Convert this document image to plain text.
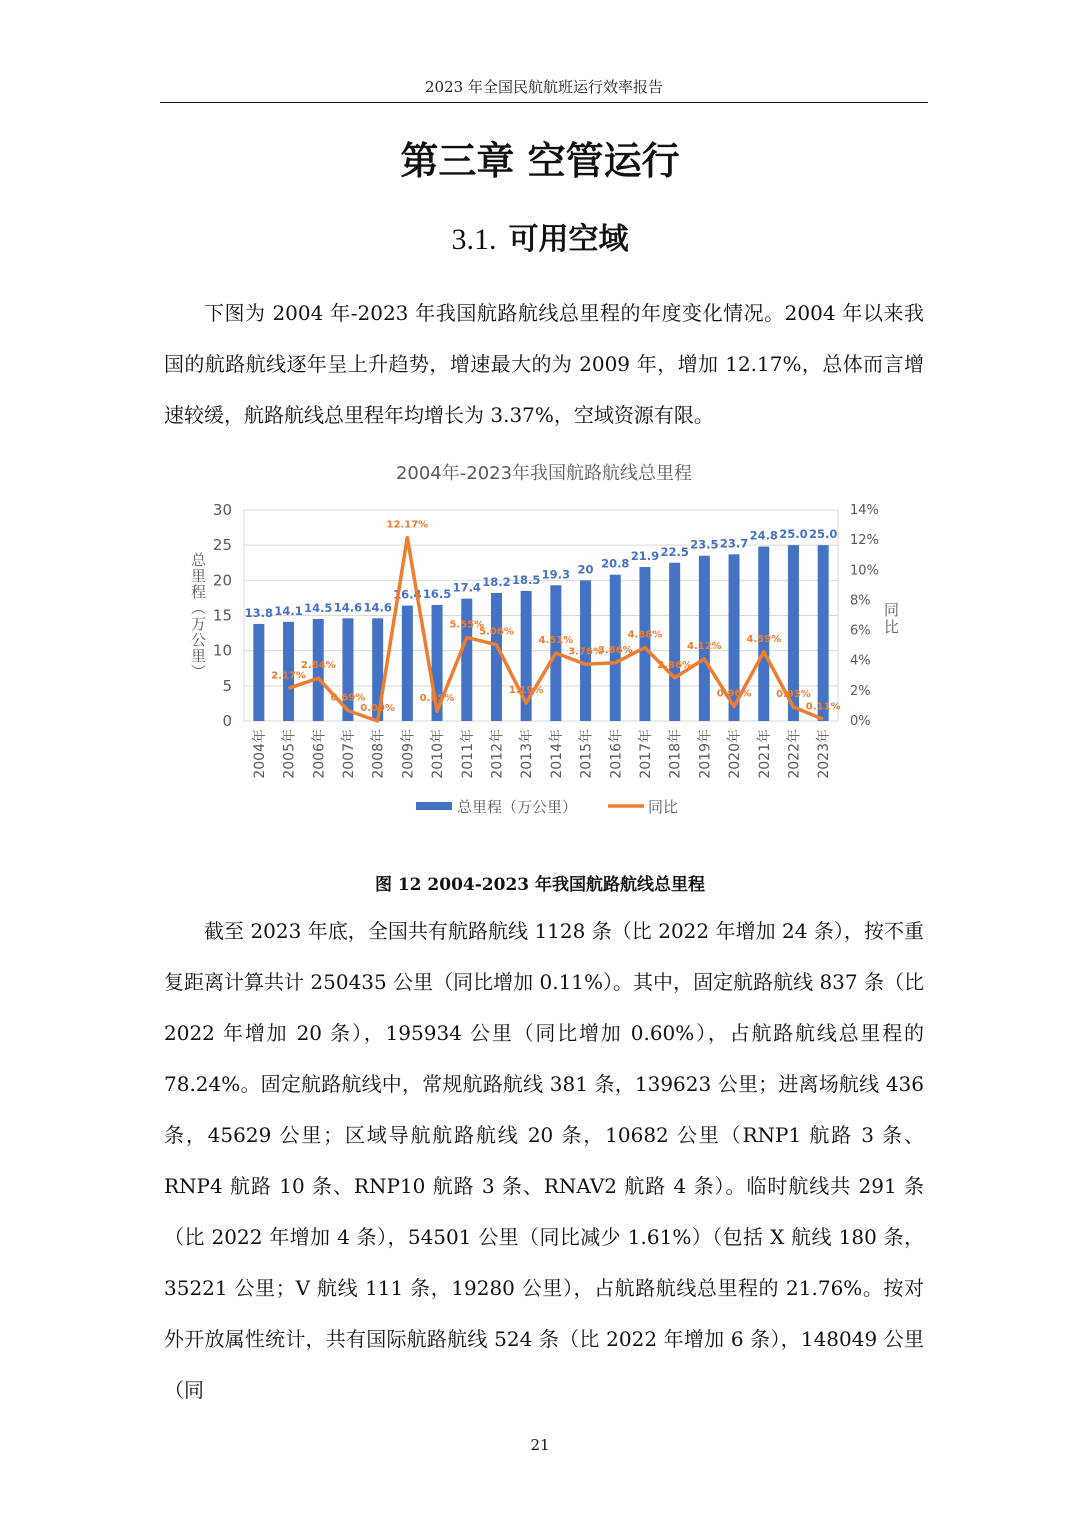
2023 年全国民航航班运行效率报告
第三章 空管运行
3.1. 可用空域

下图为 2004 年-2023 年我国航路航线总里程的年度变化情况。2004 年以来我国的航路航线逐年呈上升趋势，增速最大的为 2009 年，增加 12.17%，总体而言增速较缓，航路航线总里程年均增长为 3.37%，空域资源有限。

2004年-2023年我国航路航线总里程
0
5
10
15
20
25
30
0%
2%
4%
6%
8%
10%
12%
14%
总里程（万公里）	同比
13.8 14.1 14.5 14.6 14.6
16.4 16.5 17.4 18.2 18.5 19.3 20 20.8
21.9 22.5
23.5 23.7
24.8 25.0 25.0
2.17%
2.84%
0.69%
0.00%
12.17%
0.65%
5.55%
5.06%
1.19%
4.51%
3.76%
3.86%
4.88%
2.86%
4.12%
0.96%
4.59%
0.93%
0.11%
2004年 2005年 2006年 2007年 2008年 2009年 2010年 2011年 2012年 2013年 2014年 2015年 2016年 2017年 2018年 2019年 2020年 2021年 2022年 2023年
总里程（万公里）	同比
图 12 2004-2023 年我国航路航线总里程

截至 2023 年底，全国共有航路航线 1128 条（比 2022 年增加 24 条），按不重复距离计算共计 250435 公里（同比增加 0.11%）。其中，固定航路航线 837 条（比 2022 年增加 20 条），195934 公里（同比增加 0.60%），占航路航线总里程的 78.24%。固定航路航线中，常规航路航线 381 条，139623 公里；进离场航线 436 条，45629 公里；区域导航航路航线 20 条，10682 公里（RNP1 航路 3 条、RNP4 航路 10 条、RNP10 航路 3 条、RNAV2 航路 4 条）。临时航线共 291 条（比 2022 年增加 4 条），54501 公里（同比减少 1.61%）（包括 X 航线 180 条，35221 公里；V 航线 111 条，19280 公里），占航路航线总里程的 21.76%。按对外开放属性统计，共有国际航路航线 524 条（比 2022 年增加 6 条），148049 公里（同

21
